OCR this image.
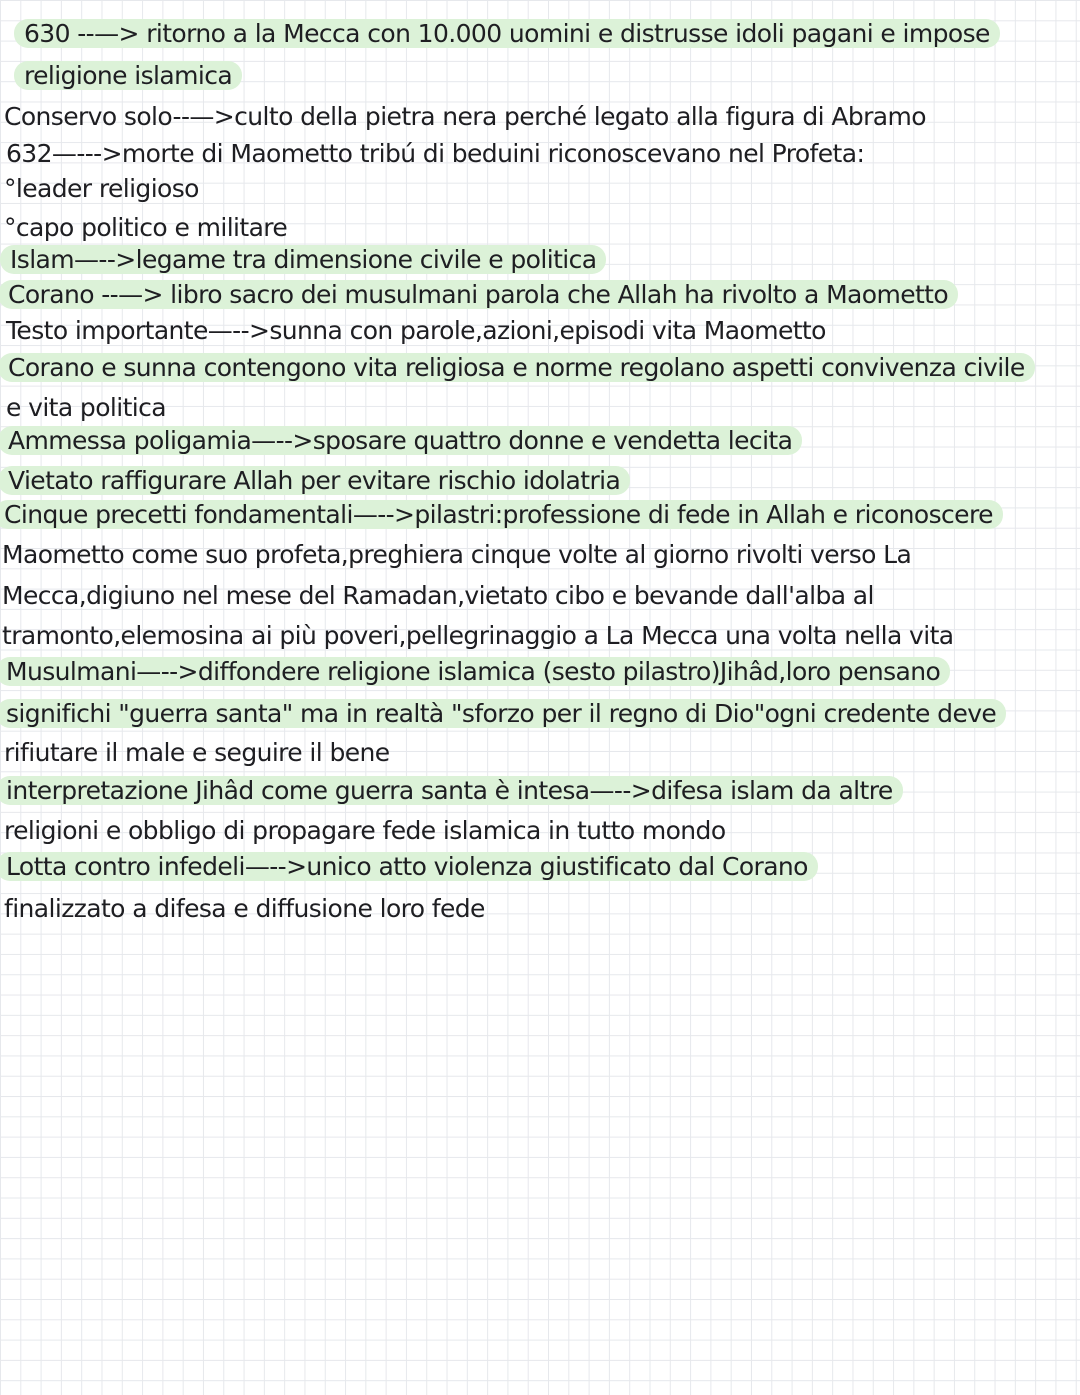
630 --—> ritorno a la Mecca con 10.000 uomini e distrusse idoli pagani e impose
religione islamica
Conservo solo--—>culto della pietra nera perché legato alla figura di Abramo
632—--->morte di Maometto tribú di beduini riconoscevano nel Profeta:
°leader religioso
°capo politico e militare
Islam—-->legame tra dimensione civile e politica
Corano --—> libro sacro dei musulmani parola che Allah ha rivolto a Maometto
Testo importante—-->sunna con parole,azioni,episodi vita Maometto
Corano e sunna contengono vita religiosa e norme regolano aspetti convivenza civile
e vita politica
Ammessa poligamia—-->sposare quattro donne e vendetta lecita
Vietato raffigurare Allah per evitare rischio idolatria
Cinque precetti fondamentali—-->pilastri:professione di fede in Allah e riconoscere
Maometto come suo profeta,preghiera cinque volte al giorno rivolti verso La
Mecca,digiuno nel mese del Ramadan,vietato cibo e bevande dall'alba al
tramonto,elemosina ai più poveri,pellegrinaggio a La Mecca una volta nella vita
Musulmani—-->diffondere religione islamica (sesto pilastro)Jihâd,loro pensano
significhi "guerra santa" ma in realtà "sforzo per il regno di Dio"ogni credente deve
rifiutare il male e seguire il bene
interpretazione Jihâd come guerra santa è intesa—-->difesa islam da altre
religioni e obbligo di propagare fede islamica in tutto mondo
Lotta contro infedeli—-->unico atto violenza giustificato dal Corano
finalizzato a difesa e diffusione loro fede
